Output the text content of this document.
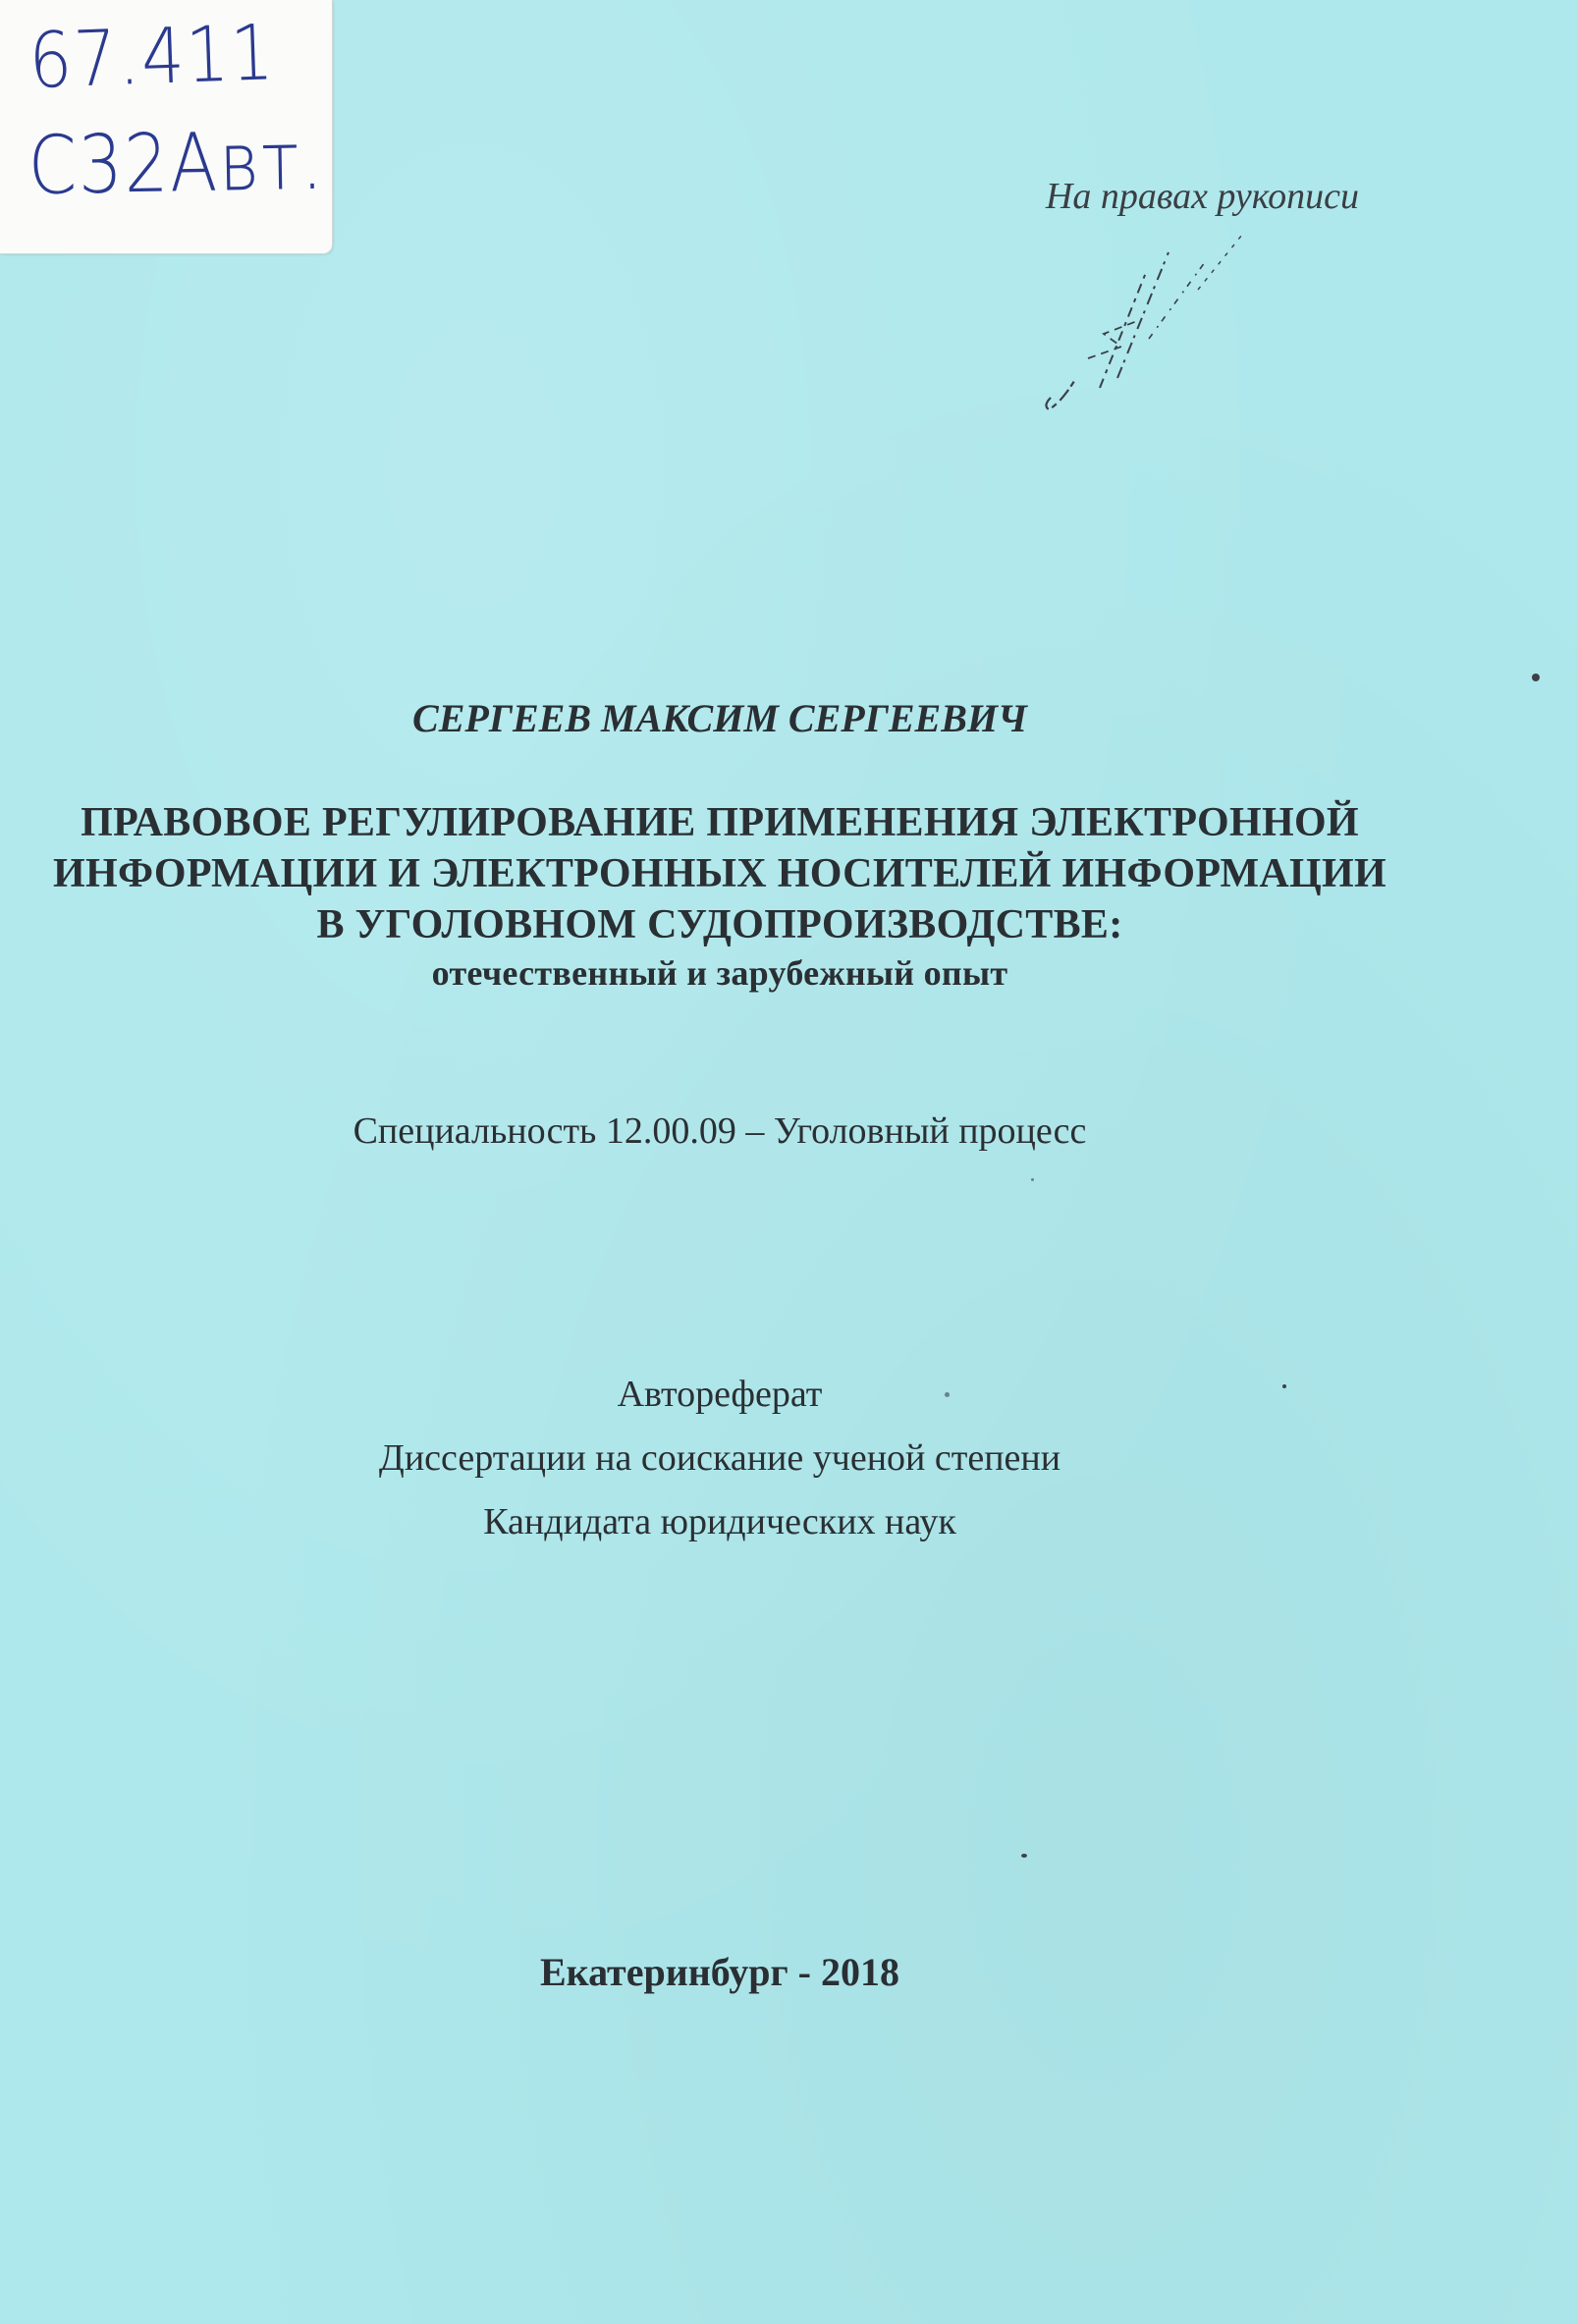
67.411
С32Авт.	На правах рукописи
СЕРГЕЕВ МАКСИМ СЕРГЕЕВИЧ
ПРАВОВОЕ РЕГУЛИРОВАНИЕ ПРИМЕНЕНИЯ ЭЛЕКТРОННОЙ
ИНФОРМАЦИИ И ЭЛЕКТРОННЫХ НОСИТЕЛЕЙ ИНФОРМАЦИИ
В УГОЛОВНОМ СУДОПРОИЗВОДСТВЕ:
отечественный и зарубежный опыт
Специальность 12.00.09 – Уголовный процесс
Автореферат
Диссертации на соискание ученой степени
Кандидата юридических наук
Екатеринбург - 2018
